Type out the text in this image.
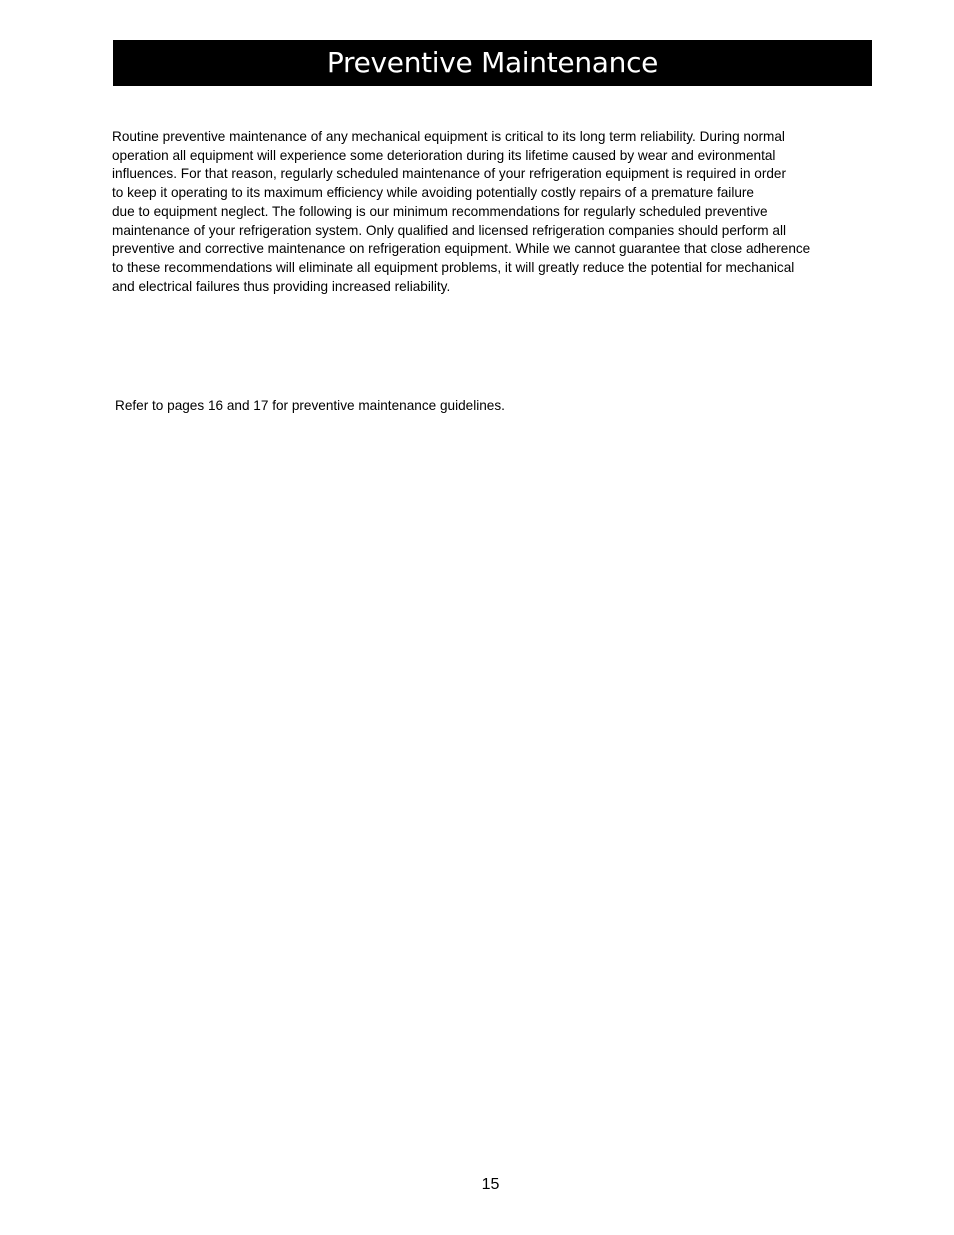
Preventive Maintenance

Routine preventive maintenance of any mechanical equipment is critical to its long term reliability. During normal
operation all equipment will experience some deterioration during its lifetime caused by wear and evironmental
influences. For that reason, regularly scheduled maintenance of your refrigeration equipment is required in order
to keep it operating to its maximum efficiency while avoiding potentially costly repairs of a premature failure
due to equipment neglect. The following is our minimum recommendations for regularly scheduled preventive
maintenance of your refrigeration system. Only qualified and licensed refrigeration companies should perform all
preventive and corrective maintenance on refrigeration equipment. While we cannot guarantee that close adherence
to these recommendations will eliminate all equipment problems, it will greatly reduce the potential for mechanical
and electrical failures thus providing increased reliability.

Refer to pages 16 and 17 for preventive maintenance guidelines.

15
